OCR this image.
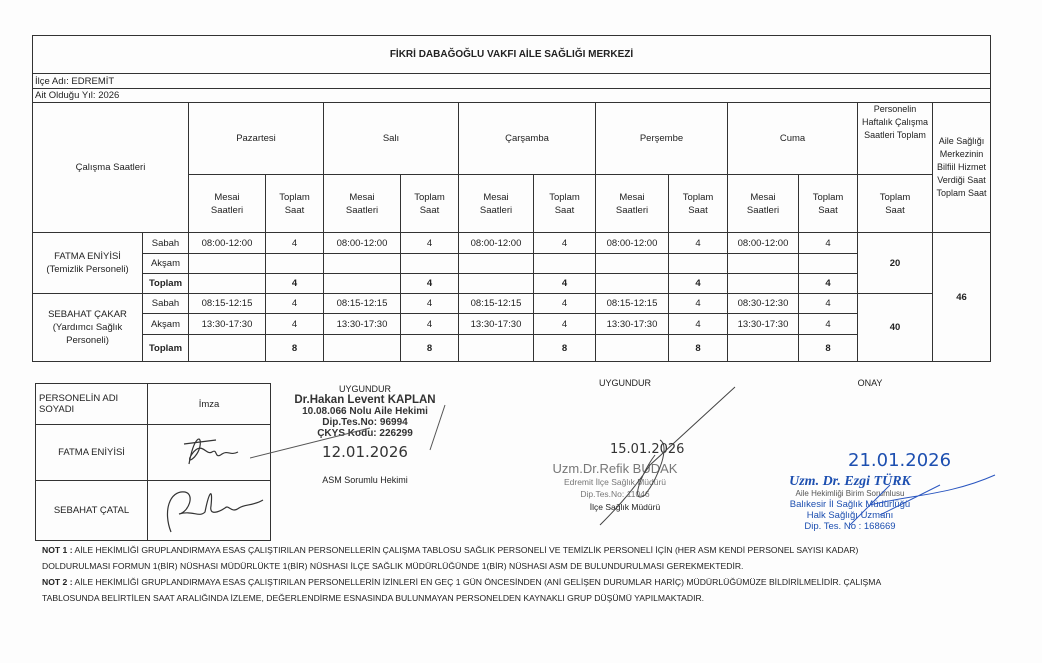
FİKRİ DABAĞOĞLU VAKFI AİLE SAĞLIĞI MERKEZİ													
İlçe Adı: EDREMİT													
Ait Olduğu Yıl: 2026													
Çalışma Saatleri		Pazartesi		Salı		Çarşamba		Perşembe		Cuma		Personelin Haftalık Çalışma Saatleri Toplam	Aile Sağlığı Merkezinin Bilfiil Hizmet Verdiği Saat Toplam Saat
		Mesai Saatleri	Toplam Saat	Mesai Saatleri	Toplam Saat	Mesai Saatleri	Toplam Saat	Mesai Saatleri	Toplam Saat	Mesai Saatleri	Toplam Saat	Toplam Saat	
FATMA ENİYİSİ (Temizlik Personeli)	Sabah	08:00-12:00	4	08:00-12:00	4	08:00-12:00	4	08:00-12:00	4	08:00-12:00	4	20	46
	Akşam												
	Toplam		4		4		4		4		4		
SEBAHAT ÇAKAR (Yardımcı Sağlık Personeli)	Sabah	08:15-12:15	4	08:15-12:15	4	08:15-12:15	4	08:15-12:15	4	08:30-12:30	4	40	
	Akşam	13:30-17:30	4	13:30-17:30	4	13:30-17:30	4	13:30-17:30	4	13:30-17:30	4		
	Toplam		8		8		8		8		8		
PERSONELİN ADI SOYADI	İmza
FATMA ENİYİSİ	
SEBAHAT ÇATAL	
UYGUNDUR
Dr.Hakan Levent KAPLAN
10.08.066 Nolu Aile Hekimi
Dip.Tes.No: 96994
ÇKYS Kodu: 226299
12.01.2026
ASM Sorumlu Hekimi
UYGUNDUR
15.01.2026
Uzm.Dr.Refik BUDAK
Edremit İlçe Sağlık Müdürü
Dip.Tes.No: 11046
İlçe Sağlık Müdürü
ONAY
21.01.2026
Uzm. Dr. Ezgi TÜRK
Aile Hekimliği Birim Sorumlusu
Balıkesir İl Sağlık Müdürlüğü
Halk Sağlığı Uzmanı
Dip. Tes. No : 168669
NOT 1 : AİLE HEKİMLİĞİ GRUPLANDIRMAYA ESAS ÇALIŞTIRILAN PERSONELLERİN ÇALIŞMA TABLOSU SAĞLIK PERSONELİ VE TEMİZLİK PERSONELİ İÇİN (HER ASM KENDİ PERSONEL SAYISI KADAR)
DOLDURULMASI FORMUN 1(BİR) NÜSHASI MÜDÜRLÜKTE 1(BİR) NÜSHASI İLÇE SAĞLIK MÜDÜRLÜĞÜNDE 1(BİR) NÜSHASI ASM DE BULUNDURULMASI GEREKMEKTEDİR.
NOT 2 : AİLE HEKİMLİĞİ GRUPLANDIRMAYA ESAS ÇALIŞTIRILAN PERSONELLERİN İZİNLERİ EN GEÇ 1 GÜN ÖNCESİNDEN (ANİ GELİŞEN DURUMLAR HARİÇ) MÜDÜRLÜĞÜMÜZE BİLDİRİLMELİDİR. ÇALIŞMA
TABLOSUNDA BELİRTİLEN SAAT ARALIĞINDA İZLEME, DEĞERLENDİRME ESNASINDA BULUNMAYAN PERSONELDEN KAYNAKLI GRUP DÜŞÜMÜ YAPILMAKTADIR.
